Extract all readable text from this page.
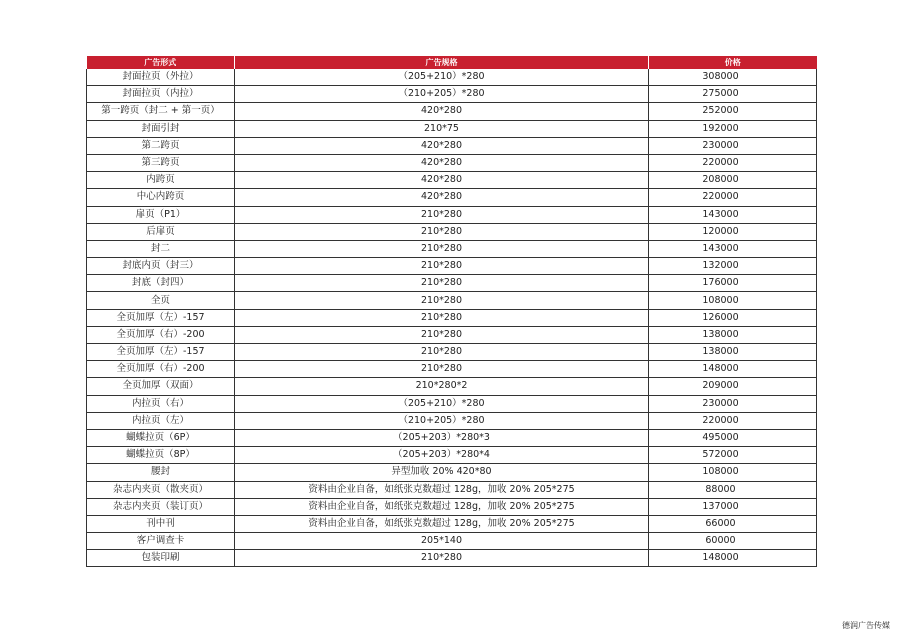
广告形式	广告规格	价格
封面拉页（外拉）	（205+210）*280	308000
封面拉页（内拉）	（210+205）*280	275000
第一跨页（封二 + 第一页）	420*280	252000
封面引封	210*75	192000
第二跨页	420*280	230000
第三跨页	420*280	220000
内跨页	420*280	208000
中心内跨页	420*280	220000
扉页（P1）	210*280	143000
后扉页	210*280	120000
封二	210*280	143000
封底内页（封三）	210*280	132000
封底（封四）	210*280	176000
全页	210*280	108000
全页加厚（左）-157	210*280	126000
全页加厚（右）-200	210*280	138000
全页加厚（左）-157	210*280	138000
全页加厚（右）-200	210*280	148000
全页加厚（双面）	210*280*2	209000
内拉页（右）	（205+210）*280	230000
内拉页（左）	（210+205）*280	220000
蝴蝶拉页（6P）	（205+203）*280*3	495000
蝴蝶拉页（8P）	（205+203）*280*4	572000
腰封	异型加收 20% 420*80	108000
杂志内夹页（散夹页）	资料由企业自备，如纸张克数超过 128g，加收 20% 205*275	88000
杂志内夹页（装订页）	资料由企业自备，如纸张克数超过 128g，加收 20% 205*275	137000
刊中刊	资料由企业自备，如纸张克数超过 128g，加收 20% 205*275	66000
客户调查卡	205*140	60000
包装印刷	210*280	148000
德润广告传媒
